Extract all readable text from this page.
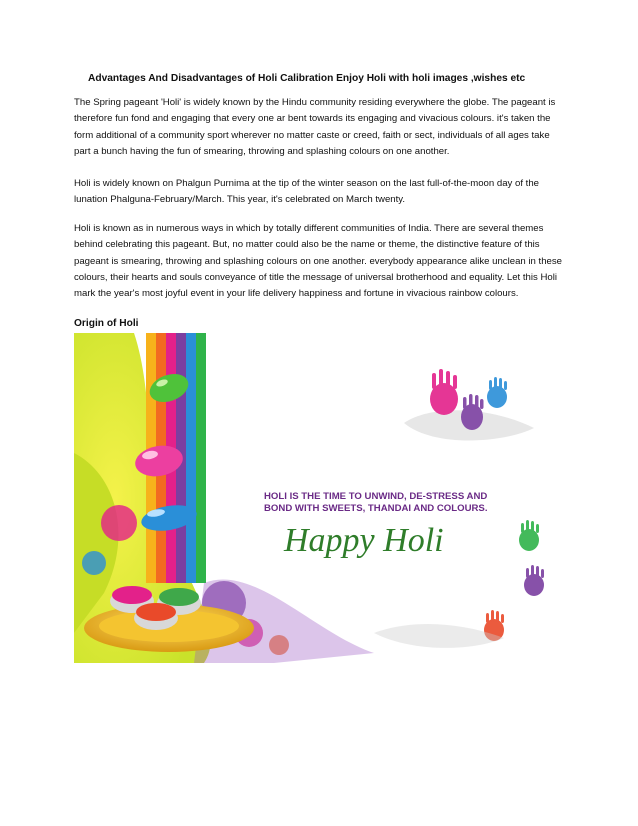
Advantages And Disadvantages of Holi Calibration Enjoy Holi with holi images ,wishes etc

The Spring pageant 'Holi' is widely known by the Hindu community residing everywhere the globe. The pageant is therefore fun fond and engaging that every one ar bent towards its engaging and vivacious colours. it's taken the form additional of a community sport wherever no matter caste or creed, faith or sect, individuals of all ages take part a bunch having the fun of smearing, throwing and splashing colours on one another.

Holi is widely known on Phalgun Purnima at the tip of the winter season on the last full-of-the-moon day of the lunation Phalguna-February/March. This year, it's celebrated on March twenty.

Holi is known as in numerous ways in which by totally different communities of India. There are several themes behind celebrating this pageant. But, no matter could also be the name or theme, the distinctive feature of this pageant is smearing, throwing and splashing colours on one another. everybody appearance alike unclean in these colours, their hearts and souls conveyance of title the message of universal brotherhood and equality. Let this Holi mark the year's most joyful event in your life delivery happiness and fortune in vivacious rainbow colours.

Origin of Holi
HOLI IS THE TIME TO UNWIND, DE-STRESS AND
BOND WITH SWEETS, THANDAI AND COLOURS.
Happy Holi
